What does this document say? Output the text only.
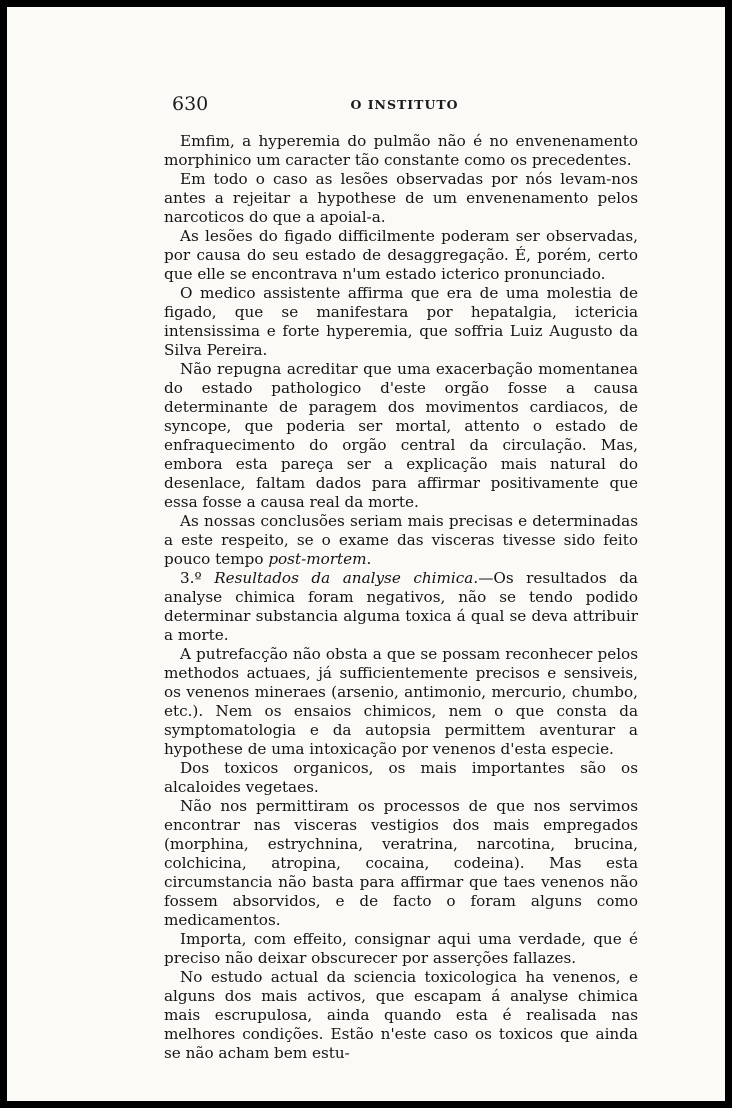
630	O INSTITUTO

Emfim, a hyperemia do pulmão não é no envenenamento morphinico um caracter tão constante como os precedentes.

Em todo o caso as lesões observadas por nós levam-nos antes a rejeitar a hypothese de um envenenamento pelos narcoticos do que a apoial-a.

As lesões do figado difficilmente poderam ser observadas, por causa do seu estado de desaggregação. É, porém, certo que elle se encontrava n'um estado icterico pronunciado.

O medico assistente affirma que era de uma molestia de figado, que se manifestara por hepatalgia, ictericia intensissima e forte hyperemia, que soffria Luiz Augusto da Silva Pereira.

Não repugna acreditar que uma exacerbação momentanea do estado pathologico d'este orgão fosse a causa determinante de paragem dos movimentos cardiacos, de syncope, que poderia ser mortal, attento o estado de enfraquecimento do orgão central da circulação. Mas, embora esta pareça ser a explicação mais natural do desenlace, faltam dados para affirmar positivamente que essa fosse a causa real da morte.

As nossas conclusões seriam mais precisas e determinadas a este respeito, se o exame das visceras tivesse sido feito pouco tempo post-mortem.

3.º Resultados da analyse chimica.—Os resultados da analyse chimica foram negativos, não se tendo podido determinar substancia alguma toxica á qual se deva attribuir a morte.

A putrefacção não obsta a que se possam reconhecer pelos methodos actuaes, já sufficientemente precisos e sensiveis, os venenos mineraes (arsenio, antimonio, mercurio, chumbo, etc.). Nem os ensaios chimicos, nem o que consta da symptomatologia e da autopsia permittem aventurar a hypothese de uma intoxicação por venenos d'esta especie.

Dos toxicos organicos, os mais importantes são os alcaloides vegetaes.

Não nos permittiram os processos de que nos servimos encontrar nas visceras vestigios dos mais empregados (morphina, estrychnina, veratrina, narcotina, brucina, colchicina, atropina, cocaina, codeina). Mas esta circumstancia não basta para affirmar que taes venenos não fossem absorvidos, e de facto o foram alguns como medicamentos.

Importa, com effeito, consignar aqui uma verdade, que é preciso não deixar obscurecer por asserções fallazes.

No estudo actual da sciencia toxicologica ha venenos, e alguns dos mais activos, que escapam á analyse chimica mais escrupulosa, ainda quando esta é realisada nas melhores condições. Estão n'este caso os toxicos que ainda se não acham bem estu-
